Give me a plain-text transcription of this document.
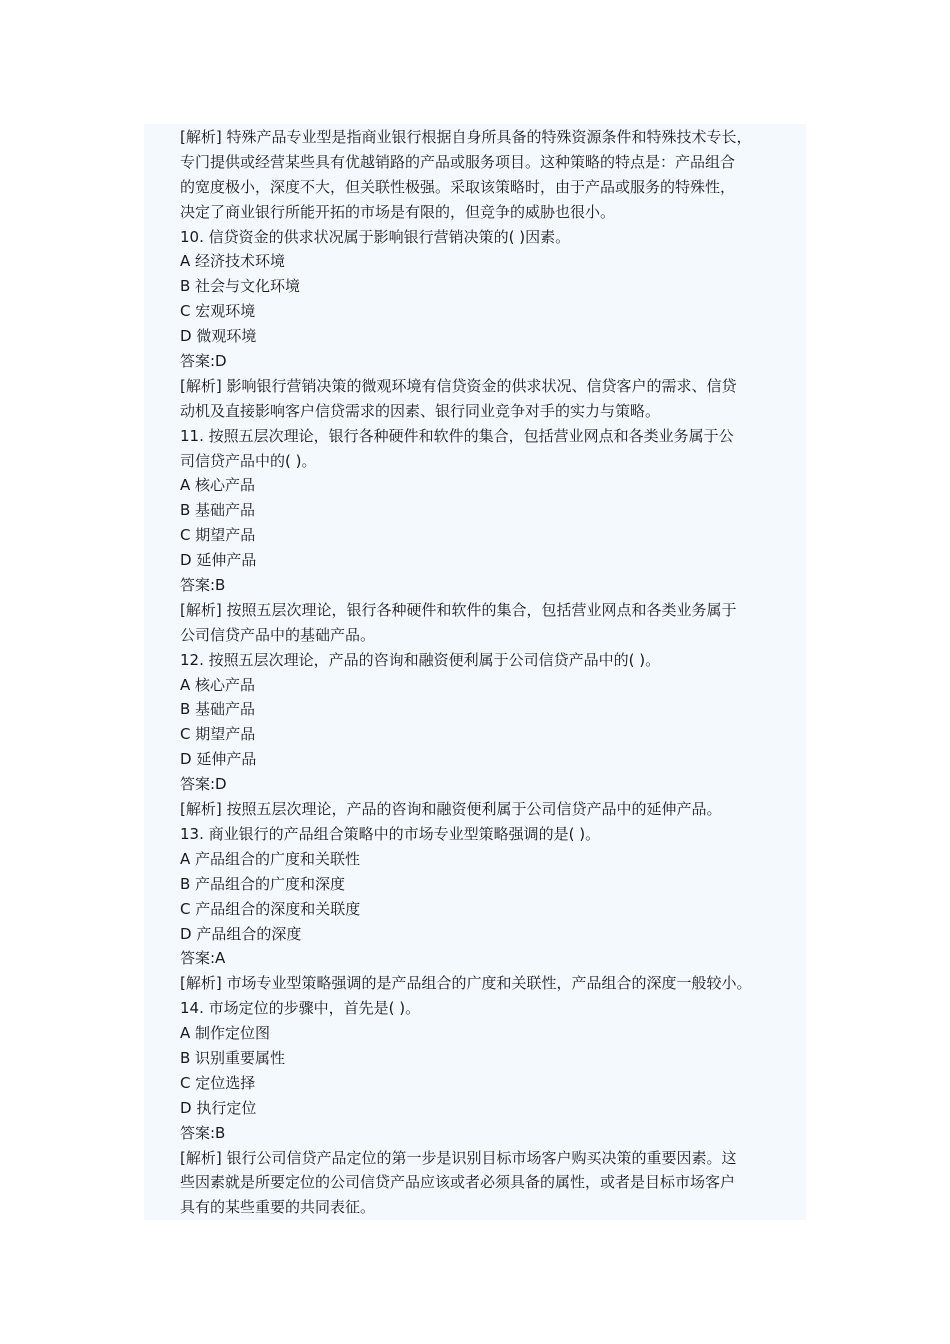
[解析] 特殊产品专业型是指商业银行根据自身所具备的特殊资源条件和特殊技术专长，
专门提供或经营某些具有优越销路的产品或服务项目。这种策略的特点是：产品组合
的宽度极小，深度不大，但关联性极强。采取该策略时，由于产品或服务的特殊性，
决定了商业银行所能开拓的市场是有限的，但竞争的威胁也很小。
10. 信贷资金的供求状况属于影响银行营销决策的( )因素。
A 经济技术环境
B 社会与文化环境
C 宏观环境
D 微观环境
答案:D
[解析] 影响银行营销决策的微观环境有信贷资金的供求状况、信贷客户的需求、信贷
动机及直接影响客户信贷需求的因素、银行同业竞争对手的实力与策略。
11. 按照五层次理论，银行各种硬件和软件的集合，包括营业网点和各类业务属于公
司信贷产品中的( )。
A 核心产品
B 基础产品
C 期望产品
D 延伸产品
答案:B
[解析] 按照五层次理论，银行各种硬件和软件的集合，包括营业网点和各类业务属于
公司信贷产品中的基础产品。
12. 按照五层次理论，产品的咨询和融资便利属于公司信贷产品中的( )。
A 核心产品
B 基础产品
C 期望产品
D 延伸产品
答案:D
[解析] 按照五层次理论，产品的咨询和融资便利属于公司信贷产品中的延伸产品。
13. 商业银行的产品组合策略中的市场专业型策略强调的是( )。
A 产品组合的广度和关联性
B 产品组合的广度和深度
C 产品组合的深度和关联度
D 产品组合的深度
答案:A
[解析] 市场专业型策略强调的是产品组合的广度和关联性，产品组合的深度一般较小。
14. 市场定位的步骤中，首先是( )。
A 制作定位图
B 识别重要属性
C 定位选择
D 执行定位
答案:B
[解析] 银行公司信贷产品定位的第一步是识别目标市场客户购买决策的重要因素。这
些因素就是所要定位的公司信贷产品应该或者必须具备的属性，或者是目标市场客户
具有的某些重要的共同表征。
